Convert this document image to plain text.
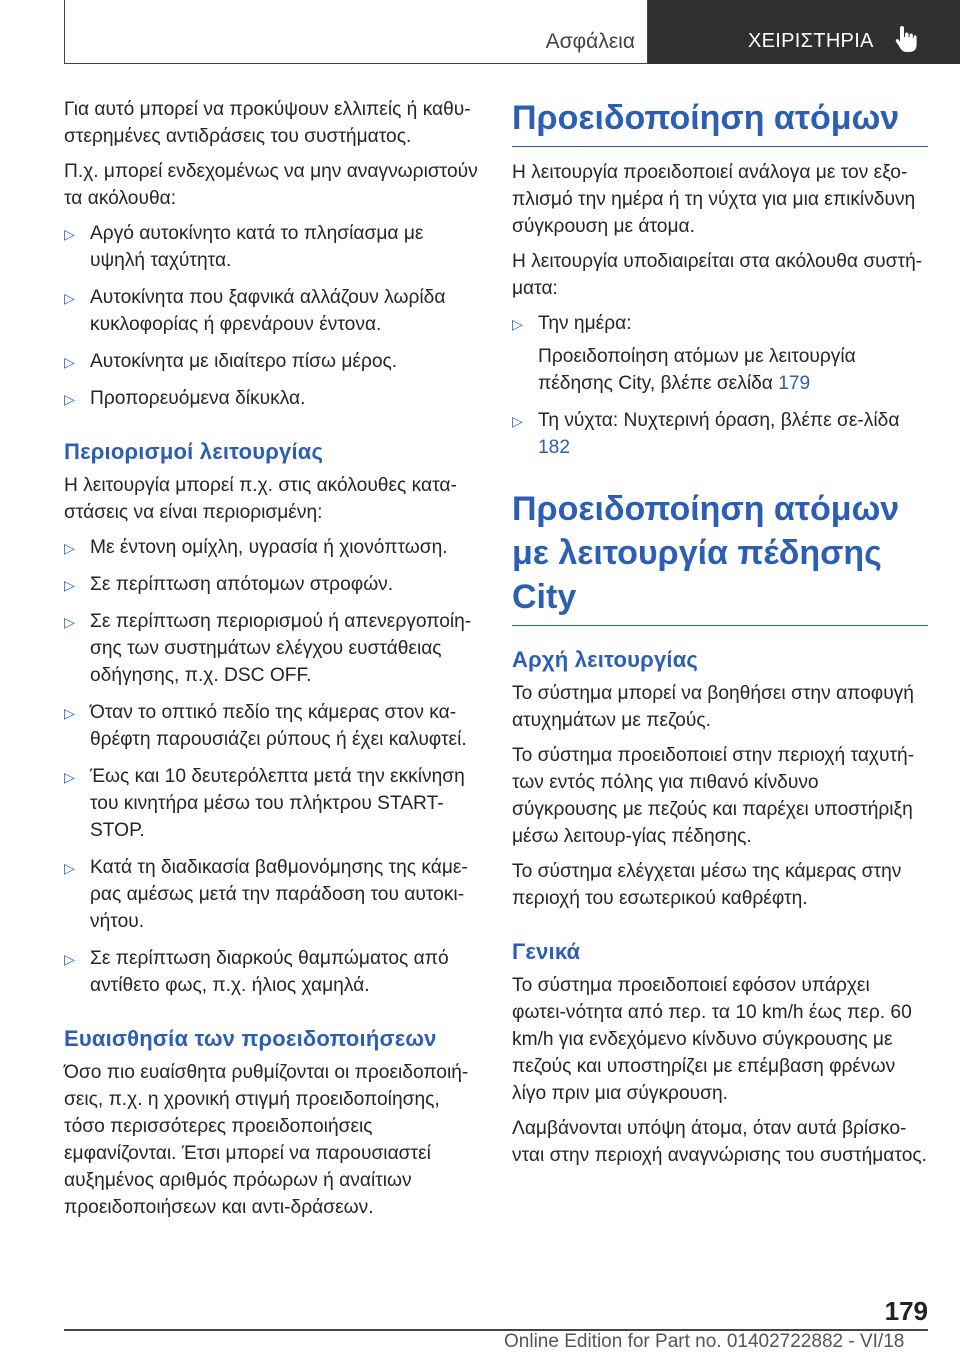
Ασφάλεια	ΧΕΙΡΙΣΤΗΡΙΑ

Για αυτό μπορεί να προκύψουν ελλιπείς ή καθυ-στερημένες αντιδράσεις του συστήματος.

Π.χ. μπορεί ενδεχομένως να μην αναγνωριστούν τα ακόλουθα:

▷ Αργό αυτοκίνητο κατά το πλησίασμα με υψηλή ταχύτητα.
▷ Αυτοκίνητα που ξαφνικά αλλάζουν λωρίδα κυκλοφορίας ή φρενάρουν έντονα.
▷ Αυτοκίνητα με ιδιαίτερο πίσω μέρος.
▷ Προπορευόμενα δίκυκλα.
Περιορισμοί λειτουργίας

Η λειτουργία μπορεί π.χ. στις ακόλουθες κατα-στάσεις να είναι περιορισμένη:

▷ Με έντονη ομίχλη, υγρασία ή χιονόπτωση.
▷ Σε περίπτωση απότομων στροφών.
▷ Σε περίπτωση περιορισμού ή απενεργοποίη-σης των συστημάτων ελέγχου ευστάθειας οδήγησης, π.χ. DSC OFF.
▷ Όταν το οπτικό πεδίο της κάμερας στον κα-θρέφτη παρουσιάζει ρύπους ή έχει καλυφτεί.
▷ Έως και 10 δευτερόλεπτα μετά την εκκίνηση του κινητήρα μέσω του πλήκτρου START-STOP.
▷ Κατά τη διαδικασία βαθμονόμησης της κάμε-ρας αμέσως μετά την παράδοση του αυτοκι-νήτου.
▷ Σε περίπτωση διαρκούς θαμπώματος από αντίθετο φως, π.χ. ήλιος χαμηλά.
Ευαισθησία των προειδοποιήσεων

Όσο πιο ευαίσθητα ρυθμίζονται οι προειδοποιή-σεις, π.χ. η χρονική στιγμή προειδοποίησης, τόσο περισσότερες προειδοποιήσεις εμφανίζονται. Έτσι μπορεί να παρουσιαστεί αυξημένος αριθμός πρόωρων ή αναίτιων προειδοποιήσεων και αντι-δράσεων.

Προειδοποίηση ατόμων

Η λειτουργία προειδοποιεί ανάλογα με τον εξο-πλισμό την ημέρα ή τη νύχτα για μια επικίνδυνη σύγκρουση με άτομα.

Η λειτουργία υποδιαιρείται στα ακόλουθα συστή-ματα:

▷ Την ημέρα:
Προειδοποίηση ατόμων με λειτουργία πέδησης City, βλέπε σελίδα 179
▷ Τη νύχτα: Νυχτερινή όραση, βλέπε σε-λίδα 182
Προειδοποίηση ατόμων με λειτουργία πέδησης City
Αρχή λειτουργίας

Το σύστημα μπορεί να βοηθήσει στην αποφυγή ατυχημάτων με πεζούς.

Το σύστημα προειδοποιεί στην περιοχή ταχυτή-των εντός πόλης για πιθανό κίνδυνο σύγκρουσης με πεζούς και παρέχει υποστήριξη μέσω λειτουρ-γίας πέδησης.

Το σύστημα ελέγχεται μέσω της κάμερας στην περιοχή του εσωτερικού καθρέφτη.

Γενικά

Το σύστημα προειδοποιεί εφόσον υπάρχει φωτει-νότητα από περ. τα 10 km/h έως περ. 60 km/h για ενδεχόμενο κίνδυνο σύγκρουσης με πεζούς και υποστηρίζει με επέμβαση φρένων λίγο πριν μια σύγκρουση.

Λαμβάνονται υπόψη άτομα, όταν αυτά βρίσκο-νται στην περιοχή αναγνώρισης του συστήματος.

179
Online Edition for Part no. 01402722882 - VI/18
